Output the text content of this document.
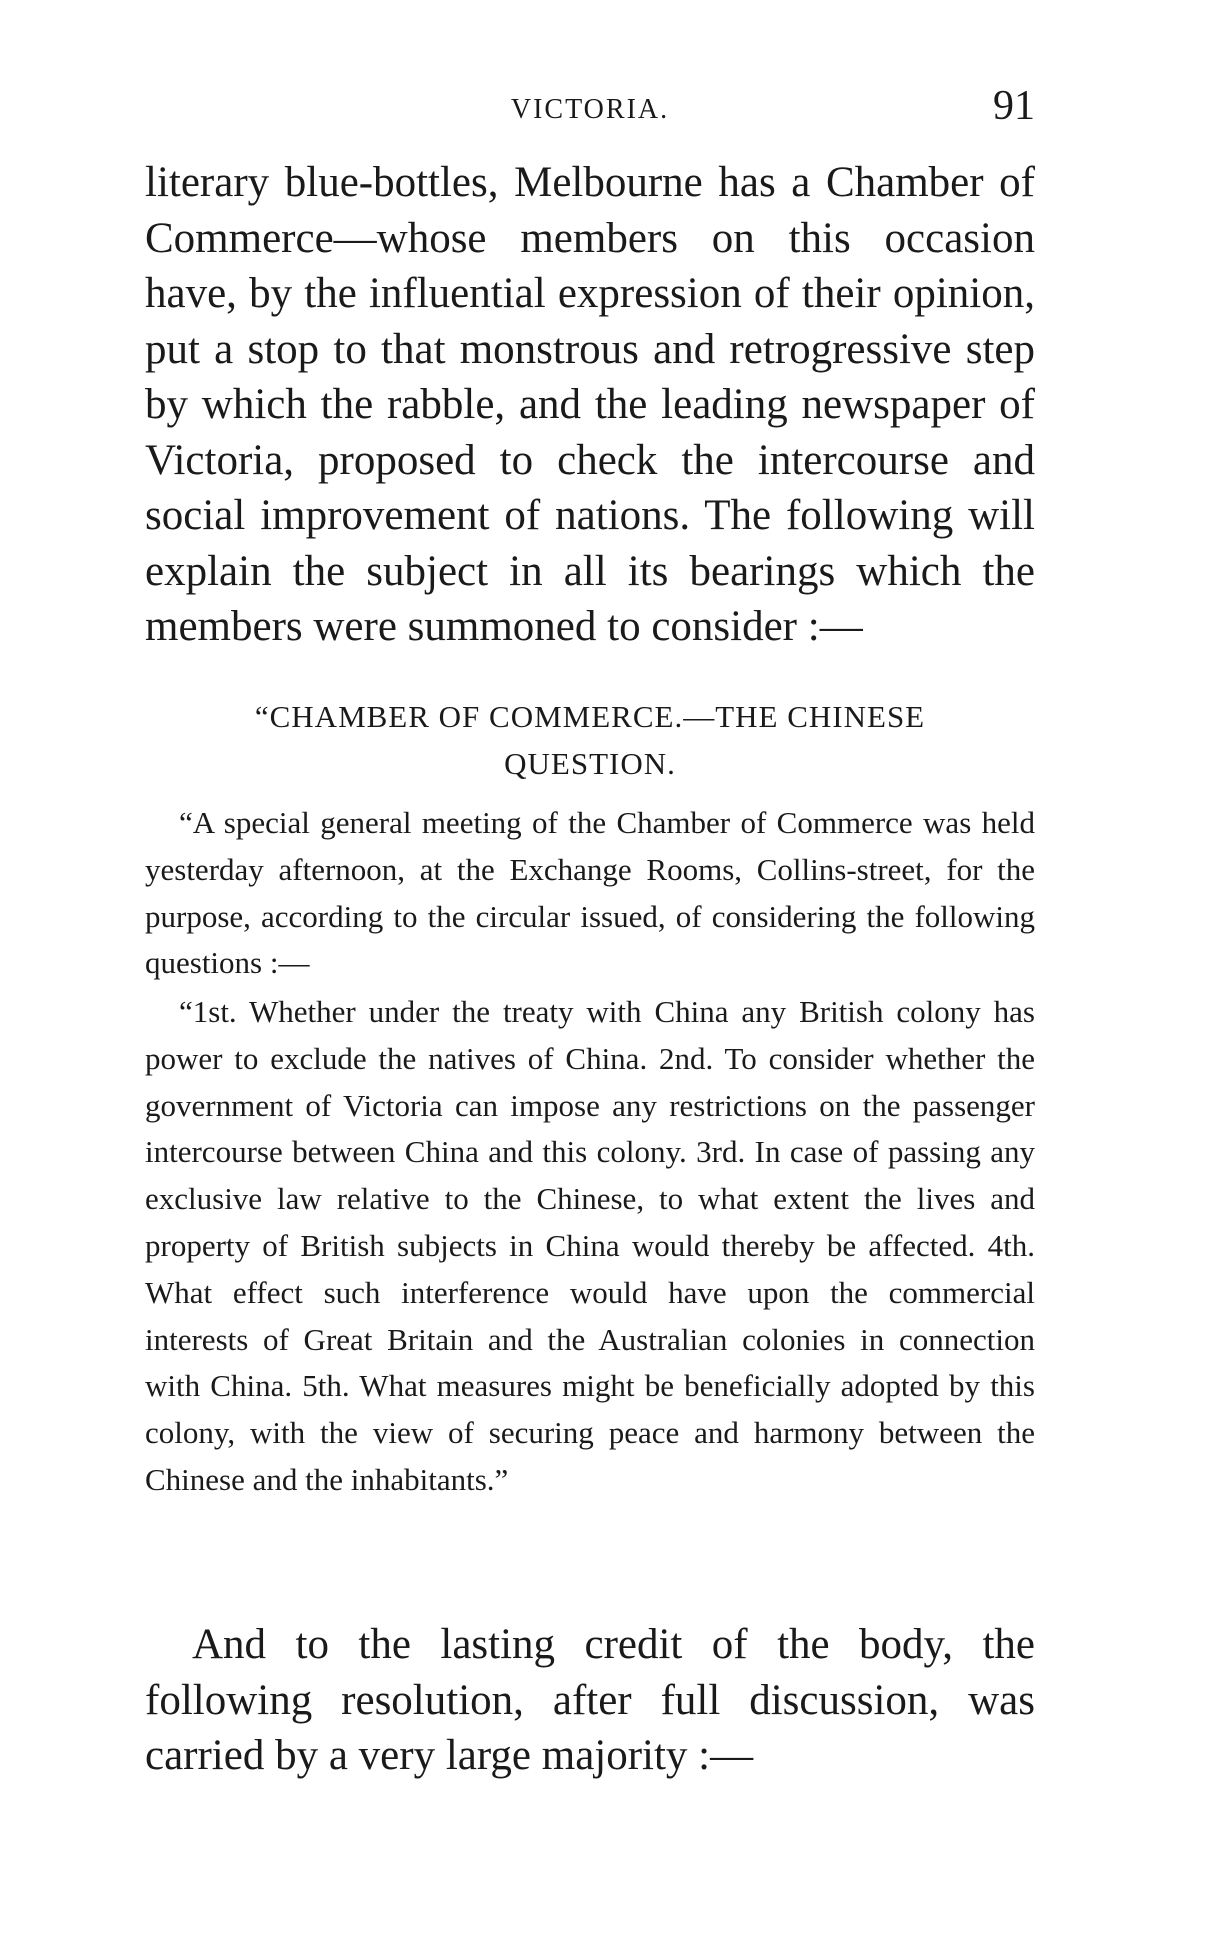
VICTORIA.	91

literary blue-bottles, Melbourne has a Chamber of Commerce—whose members on this occasion have, by the influential expression of their opinion, put a stop to that monstrous and retrogressive step by which the rabble, and the leading newspaper of Victoria, proposed to check the intercourse and social improvement of nations. The following will explain the subject in all its bearings which the members were summoned to consider :—

“CHAMBER OF COMMERCE.—THE CHINESE
QUESTION.

“A special general meeting of the Chamber of Commerce was held yesterday afternoon, at the Exchange Rooms, Collins-street, for the purpose, according to the circular issued, of considering the following questions :—

“1st. Whether under the treaty with China any British colony has power to exclude the natives of China. 2nd. To consider whether the government of Victoria can impose any restrictions on the passenger intercourse between China and this colony. 3rd. In case of passing any exclusive law relative to the Chinese, to what extent the lives and property of British subjects in China would thereby be affected. 4th. What effect such interference would have upon the commercial interests of Great Britain and the Australian colonies in connection with China. 5th. What measures might be beneficially adopted by this colony, with the view of securing peace and harmony between the Chinese and the inhabitants.”

And to the lasting credit of the body, the following resolution, after full discussion, was carried by a very large majority :—
